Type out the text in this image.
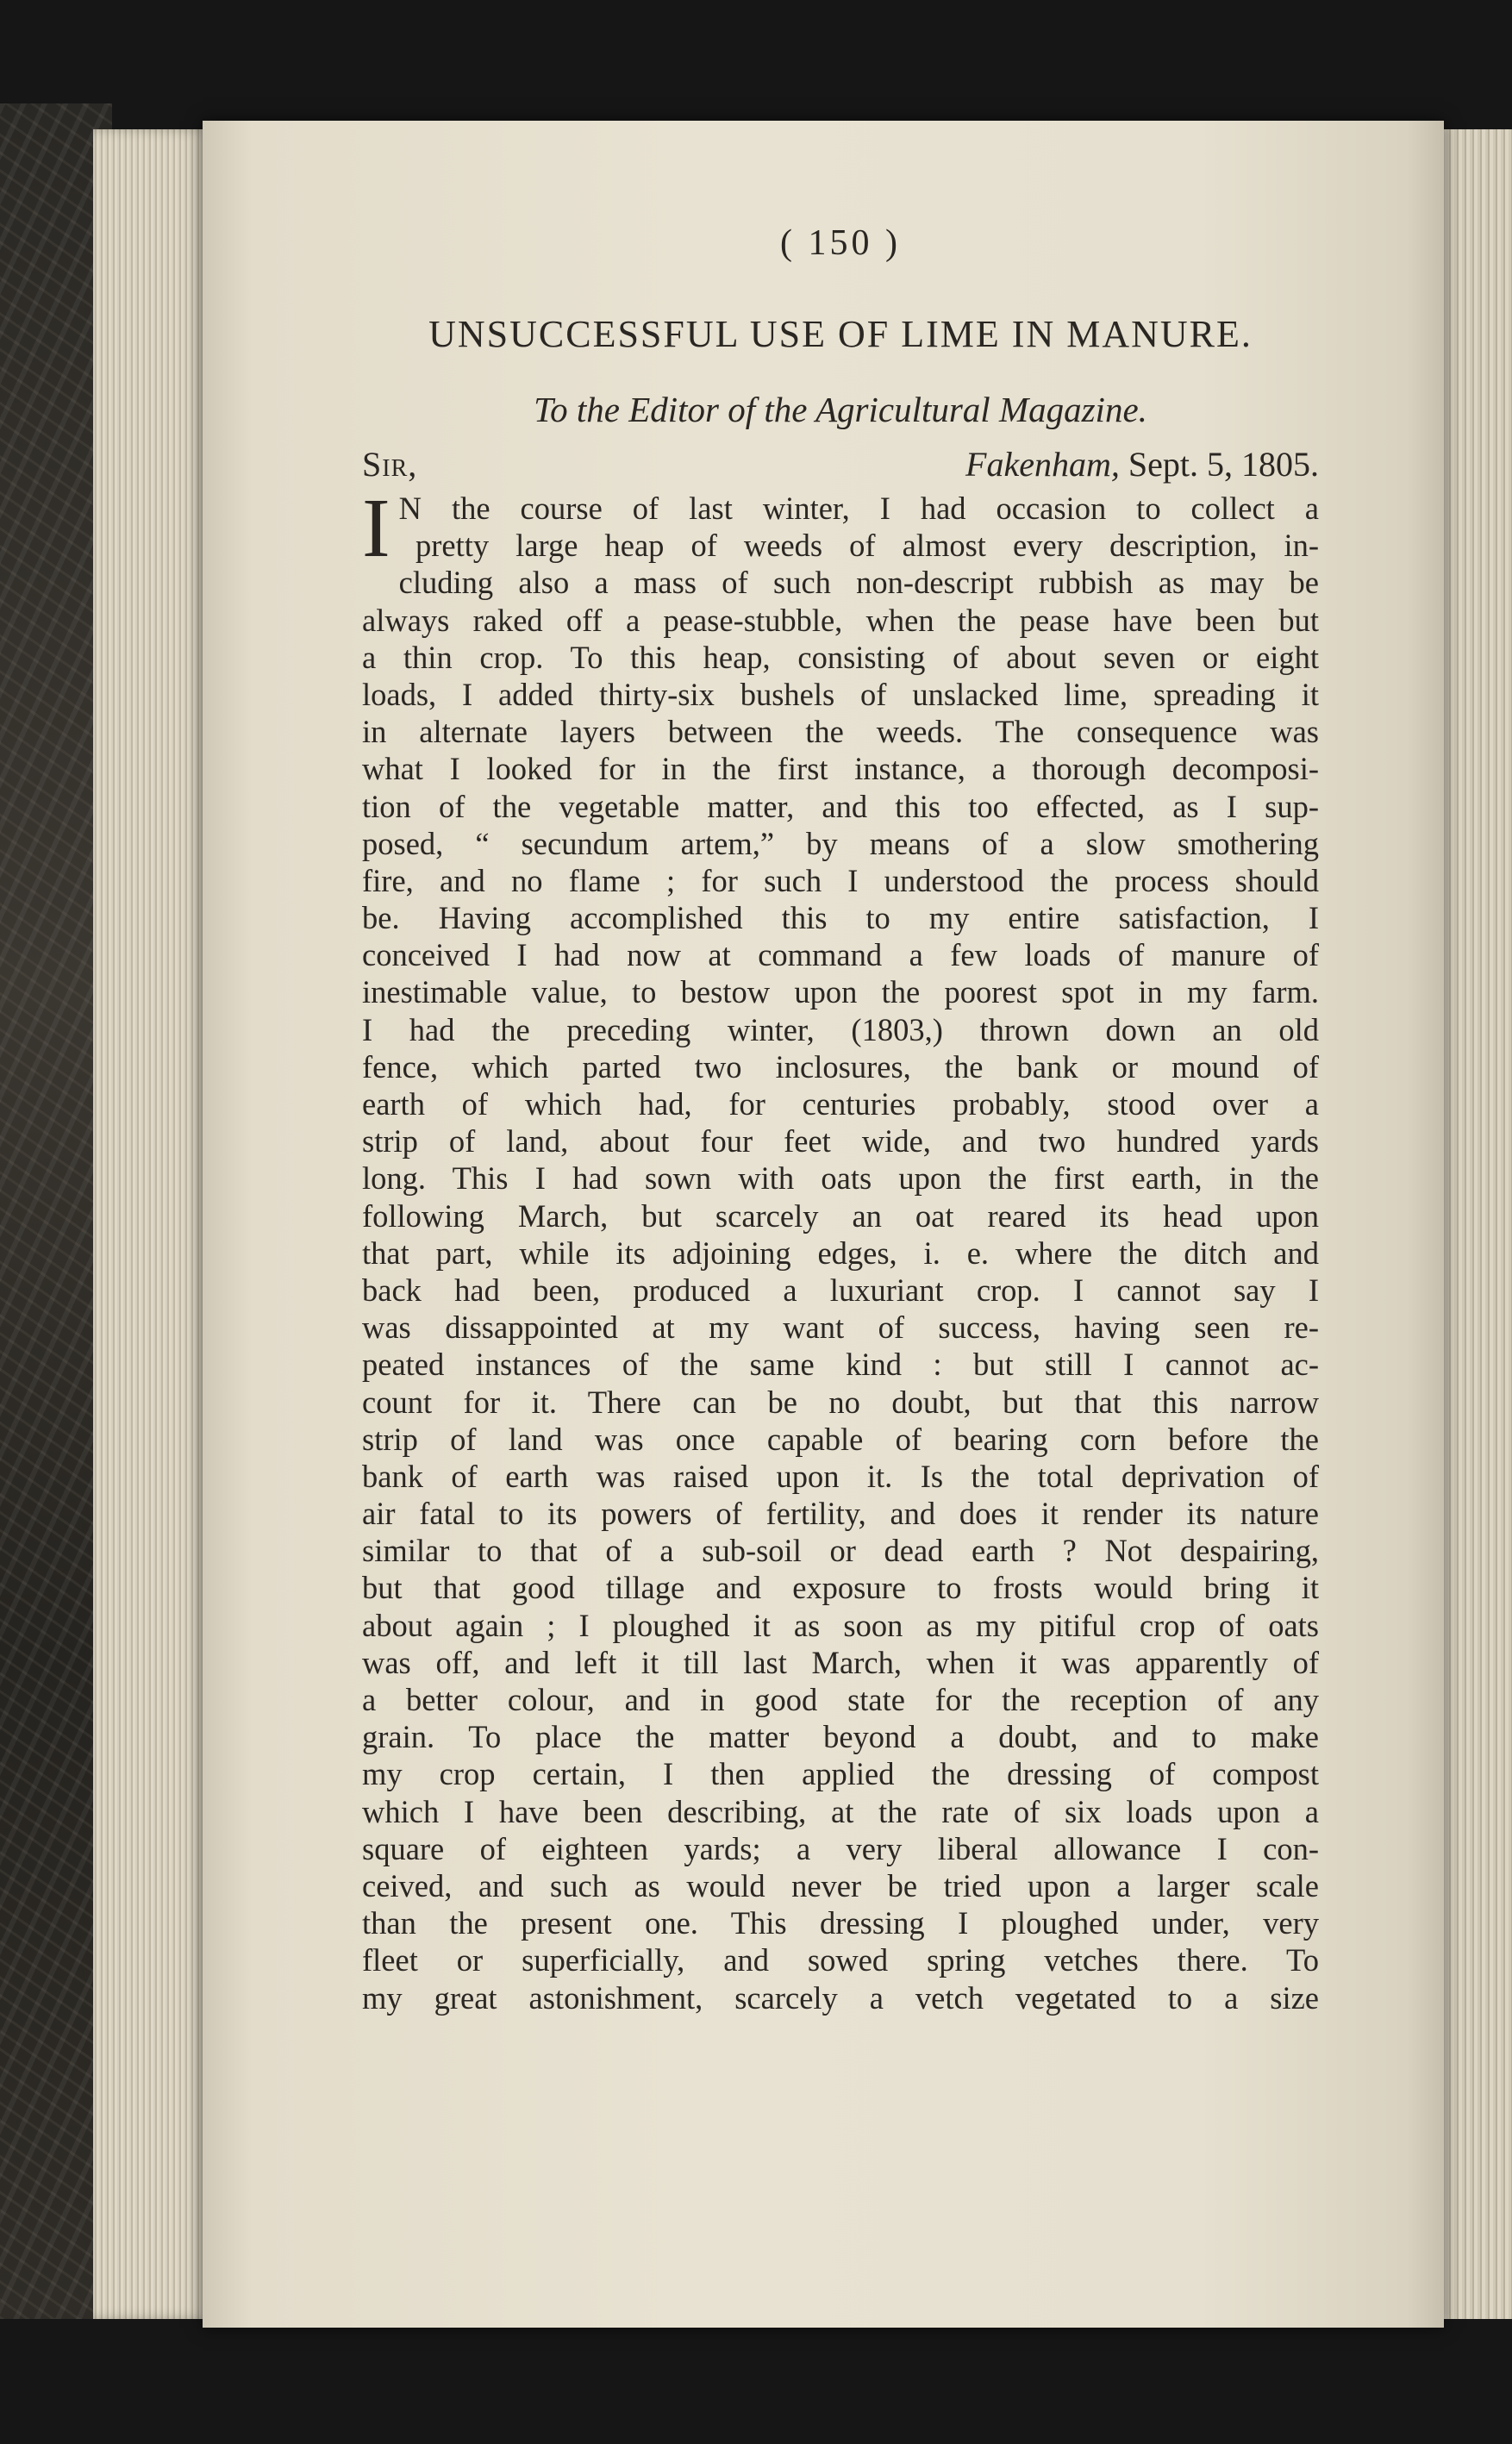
( 150 )
UNSUCCESSFUL USE OF LIME IN MANURE.
To the Editor of the Agricultural Magazine.
Sir,	Fakenham, Sept. 5, 1805.
I N the course of last winter, I had occasion to collect a
pretty large heap of weeds of almost every description, in-
cluding also a mass of such non-descript rubbish as may be
always raked off a pease-stubble, when the pease have been but
a thin crop. To this heap, consisting of about seven or eight
loads, I added thirty-six bushels of unslacked lime, spreading it
in alternate layers between the weeds. The consequence was
what I looked for in the first instance, a thorough decomposi-
tion of the vegetable matter, and this too effected, as I sup-
posed, “ secundum artem,” by means of a slow smothering
fire, and no flame ; for such I understood the process should
be. Having accomplished this to my entire satisfaction, I
conceived I had now at command a few loads of manure of
inestimable value, to bestow upon the poorest spot in my farm.
I had the preceding winter, (1803,) thrown down an old
fence, which parted two inclosures, the bank or mound of
earth of which had, for centuries probably, stood over a
strip of land, about four feet wide, and two hundred yards
long. This I had sown with oats upon the first earth, in the
following March, but scarcely an oat reared its head upon
that part, while its adjoining edges, i. e. where the ditch and
back had been, produced a luxuriant crop. I cannot say I
was dissappointed at my want of success, having seen re-
peated instances of the same kind : but still I cannot ac-
count for it. There can be no doubt, but that this narrow
strip of land was once capable of bearing corn before the
bank of earth was raised upon it. Is the total deprivation of
air fatal to its powers of fertility, and does it render its nature
similar to that of a sub-soil or dead earth ? Not despairing,
but that good tillage and exposure to frosts would bring it
about again ; I ploughed it as soon as my pitiful crop of oats
was off, and left it till last March, when it was apparently of
a better colour, and in good state for the reception of any
grain. To place the matter beyond a doubt, and to make
my crop certain, I then applied the dressing of compost
which I have been describing, at the rate of six loads upon a
square of eighteen yards; a very liberal allowance I con-
ceived, and such as would never be tried upon a larger scale
than the present one. This dressing I ploughed under, very
fleet or superficially, and sowed spring vetches there. To
my great astonishment, scarcely a vetch vegetated to a size
